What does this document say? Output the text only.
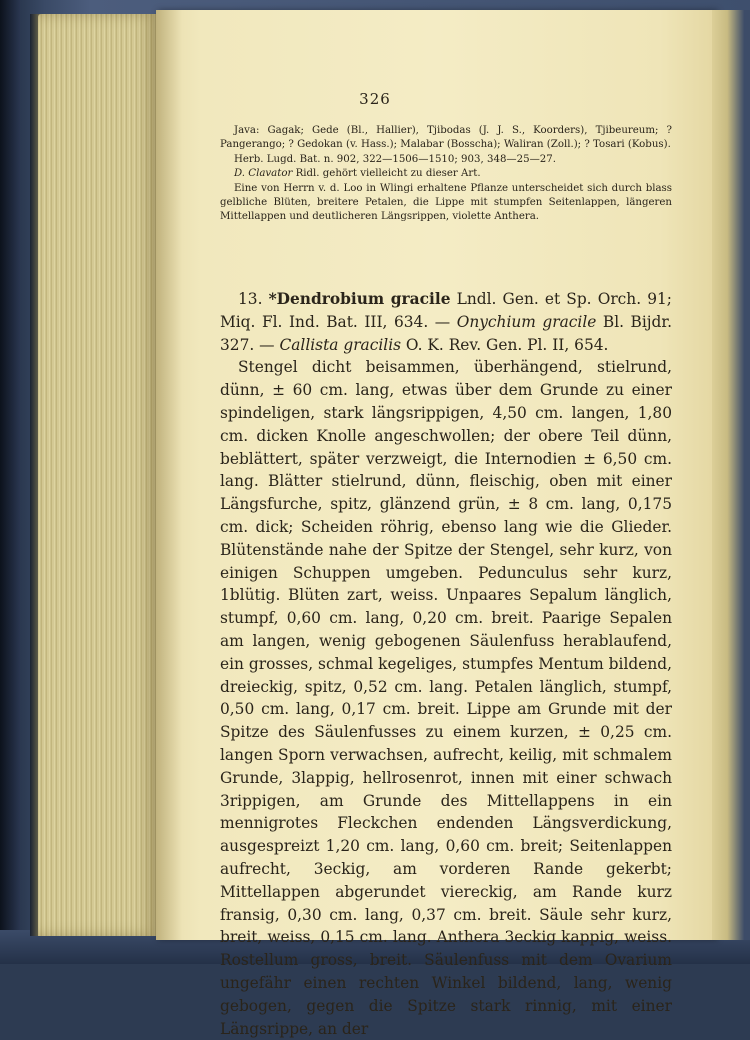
326

Java: Gagak; Gede (Bl., Hallier), Tjibodas (J. J. S., Koorders), Tjibeureum; ? Pangerango; ? Gedokan (v. Hass.); Malabar (Bosscha); Waliran (Zoll.); ? Tosari (Kobus).

Herb. Lugd. Bat. n. 902, 322—1506—1510; 903, 348—25—27.

D. Clavator Ridl. gehört vielleicht zu dieser Art.

Eine von Herrn v. d. Loo in Wlingi erhaltene Pflanze unterscheidet sich durch blass gelbliche Blüten, breitere Petalen, die Lippe mit stumpfen Seitenlappen, längeren Mittellappen und deutlicheren Längsrippen, violette Anthera.

13. *Dendrobium gracile Lndl. Gen. et Sp. Orch. 91; Miq. Fl. Ind. Bat. III, 634. — Onychium gracile Bl. Bijdr. 327. — Callista gracilis O. K. Rev. Gen. Pl. II, 654.

Stengel dicht beisammen, überhängend, stielrund, dünn, ± 60 cm. lang, etwas über dem Grunde zu einer spindeligen, stark längsrippigen, 4,50 cm. langen, 1,80 cm. dicken Knolle angeschwollen; der obere Teil dünn, beblättert, später verzweigt, die Internodien ± 6,50 cm. lang. Blätter stielrund, dünn, fleischig, oben mit einer Längsfurche, spitz, glänzend grün, ± 8 cm. lang, 0,175 cm. dick; Scheiden röhrig, ebenso lang wie die Glieder. Blütenstände nahe der Spitze der Stengel, sehr kurz, von einigen Schuppen umgeben. Pedunculus sehr kurz, 1blütig. Blüten zart, weiss. Unpaares Sepalum länglich, stumpf, 0,60 cm. lang, 0,20 cm. breit. Paarige Sepalen am langen, wenig gebogenen Säulenfuss herablaufend, ein grosses, schmal kegeliges, stumpfes Mentum bildend, dreieckig, spitz, 0,52 cm. lang. Petalen länglich, stumpf, 0,50 cm. lang, 0,17 cm. breit. Lippe am Grunde mit der Spitze des Säulenfusses zu einem kurzen, ± 0,25 cm. langen Sporn verwachsen, aufrecht, keilig, mit schmalem Grunde, 3lappig, hellrosenrot, innen mit einer schwach 3rippigen, am Grunde des Mittellappens in ein mennigrotes Fleckchen endenden Längsverdickung, ausgespreizt 1,20 cm. lang, 0,60 cm. breit; Seitenlappen aufrecht, 3eckig, am vorderen Rande gekerbt; Mittellappen abgerundet viereckig, am Rande kurz fransig, 0,30 cm. lang, 0,37 cm. breit. Säule sehr kurz, breit, weiss, 0,15 cm. lang. Anthera 3eckig kappig, weiss. Rostellum gross, breit. Säulenfuss mit dem Ovarium ungefähr einen rechten Winkel bildend, lang, wenig gebogen, gegen die Spitze stark rinnig, mit einer Längsrippe, an der
